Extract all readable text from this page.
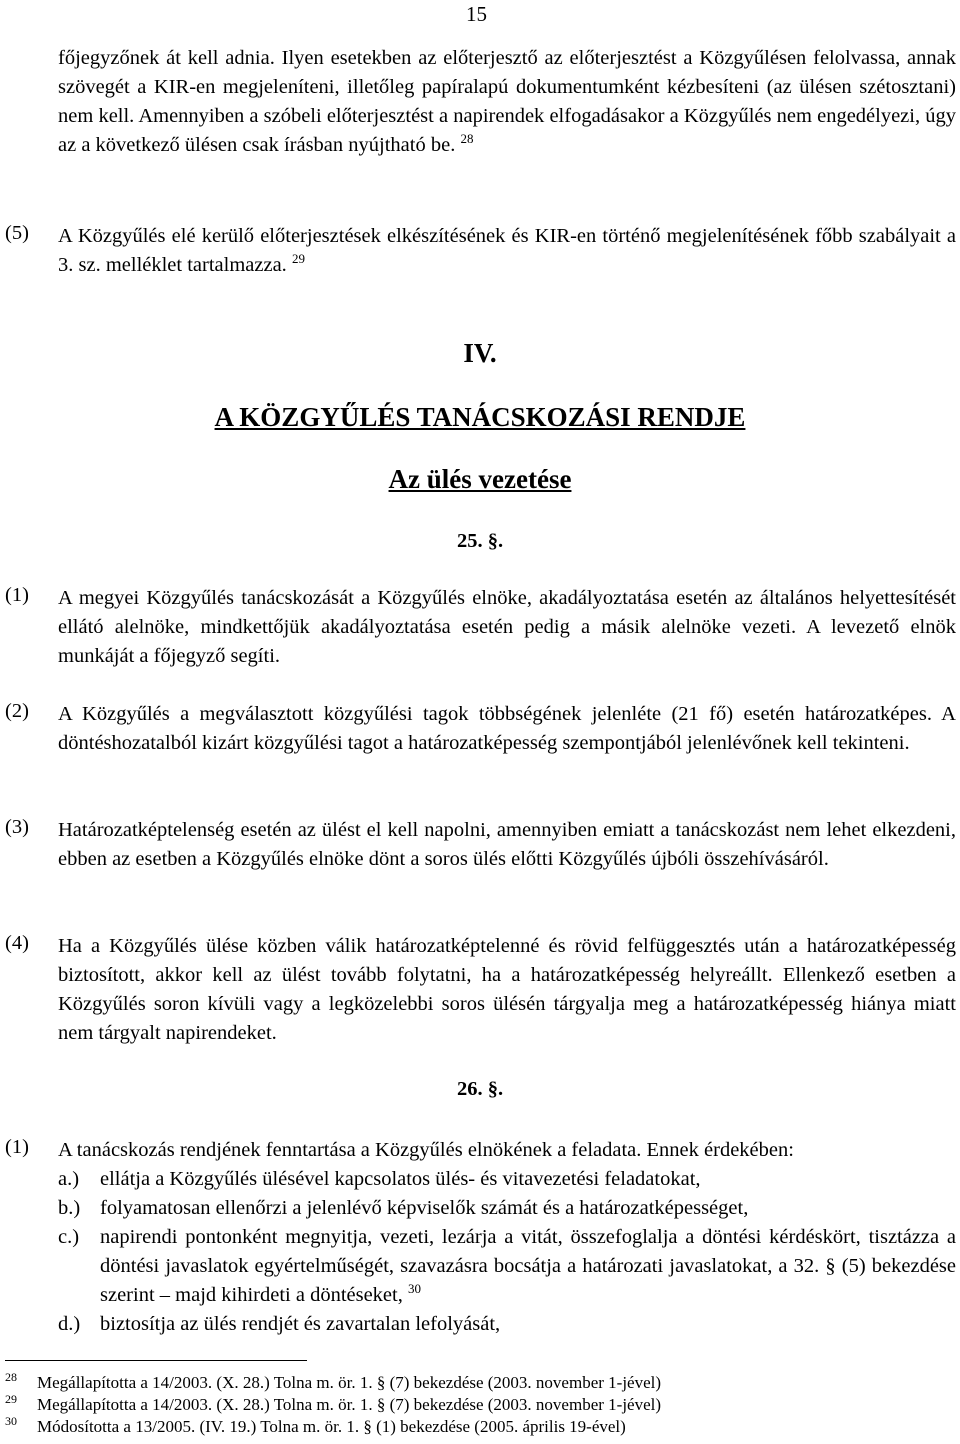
15
főjegyzőnek át kell adnia. Ilyen esetekben az előterjesztő az előterjesztést a Közgyűlésen felolvassa, annak szövegét a KIR-en megjeleníteni, illetőleg papíralapú dokumentumként kézbesíteni (az ülésen szétosztani) nem kell. Amennyiben a szóbeli előterjesztést a napirendek elfogadásakor a Közgyűlés nem engedélyezi, úgy az a következő ülésen csak írásban nyújtható be. $^{28}$
(5) A Közgyűlés elé kerülő előterjesztések elkészítésének és KIR-en történő megjelenítésének főbb szabályait a 3. sz. melléklet tartalmazza. $^{29}$
IV.
A KÖZGYŰLÉS TANÁCSKOZÁSI RENDJE
Az ülés vezetése
25. §.
(1) A megyei Közgyűlés tanácskozását a Közgyűlés elnöke, akadályoztatása esetén az általános helyettesítését ellátó alelnöke, mindkettőjük akadályoztatása esetén pedig a másik alelnöke vezeti. A levezető elnök munkáját a főjegyző segíti.
(2) A Közgyűlés a megválasztott közgyűlési tagok többségének jelenléte (21 fő) esetén határozatképes. A döntéshozatalból kizárt közgyűlési tagot a határozatképesség szempontjából jelenlévőnek kell tekinteni.
(3) Határozatképtelenség esetén az ülést el kell napolni, amennyiben emiatt a tanácskozást nem lehet elkezdeni, ebben az esetben a Közgyűlés elnöke dönt a soros ülés előtti Közgyűlés újbóli összehívásáról.
(4) Ha a Közgyűlés ülése közben válik határozatképtelenné és rövid felfüggesztés után a határozatképesség biztosított, akkor kell az ülést tovább folytatni, ha a határozatképesség helyreállt. Ellenkező esetben a Közgyűlés soron kívüli vagy a legközelebbi soros ülésén tárgyalja meg a határozatképesség hiánya miatt nem tárgyalt napirendeket.
26. §.
(1) A tanácskozás rendjének fenntartása a Közgyűlés elnökének a feladata. Ennek érdekében:
a.) ellátja a Közgyűlés ülésével kapcsolatos ülés- és vitavezetési feladatokat,
b.) folyamatosan ellenőrzi a jelenlévő képviselők számát és a határozatképességet,
c.) napirendi pontonként megnyitja, vezeti, lezárja a vitát, összefoglalja a döntési kérdéskört, tisztázza a döntési javaslatok egyértelműségét, szavazásra bocsátja a határozati javaslatokat, a 32. § (5) bekezdése szerint – majd kihirdeti a döntéseket, $^{30}$
d.) biztosítja az ülés rendjét és zavartalan lefolyását,
28 Megállapította a 14/2003. (X. 28.) Tolna m. ör. 1. § (7) bekezdése (2003. november 1-jével)
29 Megállapította a 14/2003. (X. 28.) Tolna m. ör. 1. § (7) bekezdése (2003. november 1-jével)
30 Módosította a 13/2005. (IV. 19.) Tolna m. ör. 1. § (1) bekezdése (2005. április 19-ével)
